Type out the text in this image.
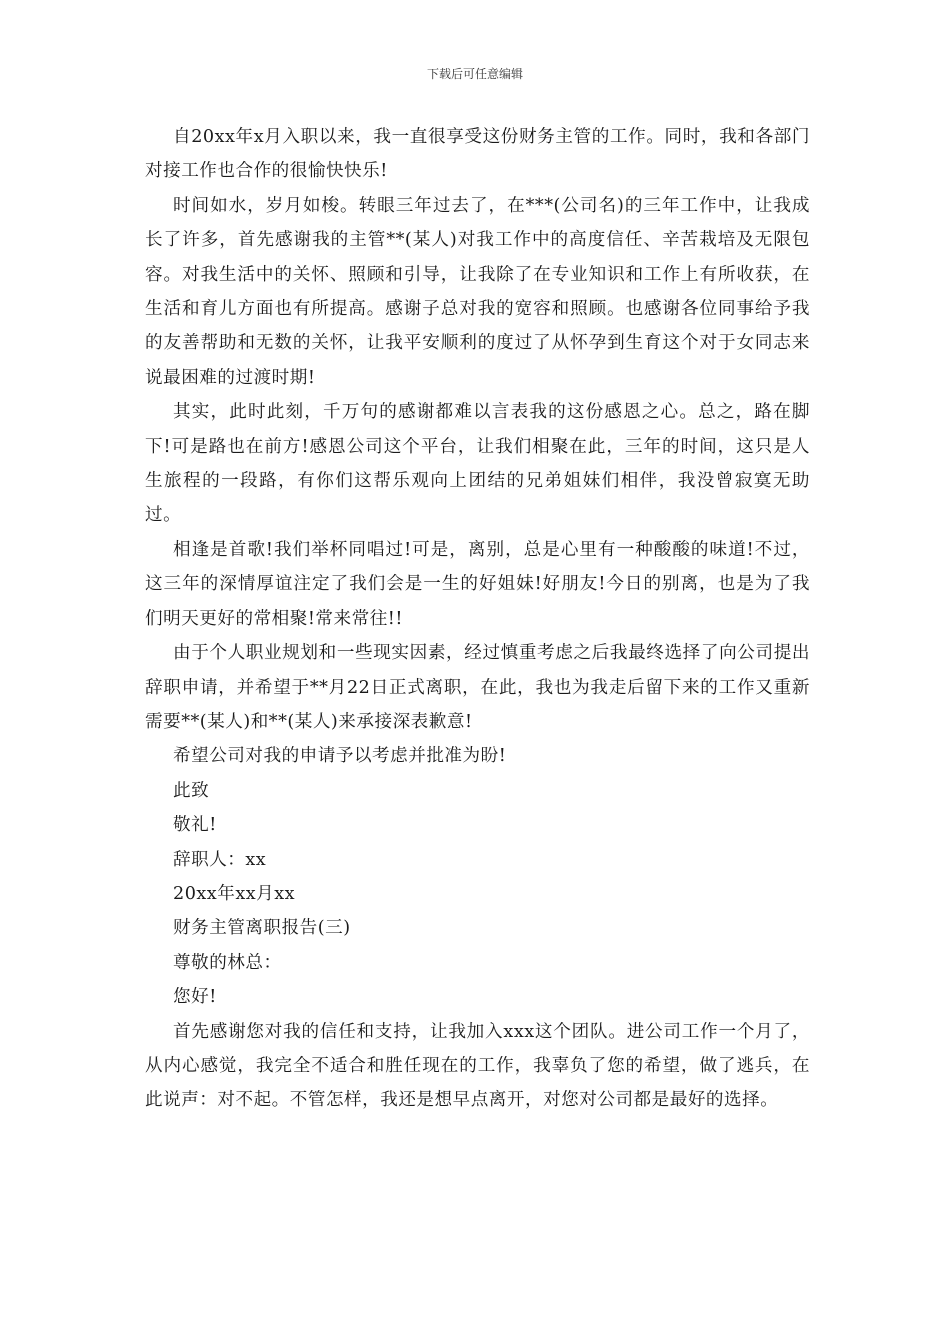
下载后可任意编辑

自20xx年x月入职以来，我一直很享受这份财务主管的工作。同时，我和各部门对接工作也合作的很愉快快乐!

时间如水，岁月如梭。转眼三年过去了，在***(公司名)的三年工作中，让我成长了许多，首先感谢我的主管**(某人)对我工作中的高度信任、辛苦栽培及无限包容。对我生活中的关怀、照顾和引导，让我除了在专业知识和工作上有所收获，在生活和育儿方面也有所提高。感谢子总对我的宽容和照顾。也感谢各位同事给予我的友善帮助和无数的关怀，让我平安顺利的度过了从怀孕到生育这个对于女同志来说最困难的过渡时期!

其实，此时此刻，千万句的感谢都难以言表我的这份感恩之心。总之，路在脚下!可是路也在前方!感恩公司这个平台，让我们相聚在此，三年的时间，这只是人生旅程的一段路，有你们这帮乐观向上团结的兄弟姐妹们相伴，我没曾寂寞无助过。

相逢是首歌!我们举杯同唱过!可是，离别，总是心里有一种酸酸的味道!不过，这三年的深情厚谊注定了我们会是一生的好姐妹!好朋友!今日的别离，也是为了我们明天更好的常相聚!常来常往!!

由于个人职业规划和一些现实因素，经过慎重考虑之后我最终选择了向公司提出辞职申请，并希望于**月22日正式离职，在此，我也为我走后留下来的工作又重新需要**(某人)和**(某人)来承接深表歉意!

希望公司对我的申请予以考虑并批准为盼!

此致

敬礼!

辞职人：xx

20xx年xx月xx

财务主管离职报告(三)

尊敬的林总：

您好!

首先感谢您对我的信任和支持，让我加入xxx这个团队。进公司工作一个月了，从内心感觉，我完全不适合和胜任现在的工作，我辜负了您的希望，做了逃兵，在此说声：对不起。不管怎样，我还是想早点离开，对您对公司都是最好的选择。
